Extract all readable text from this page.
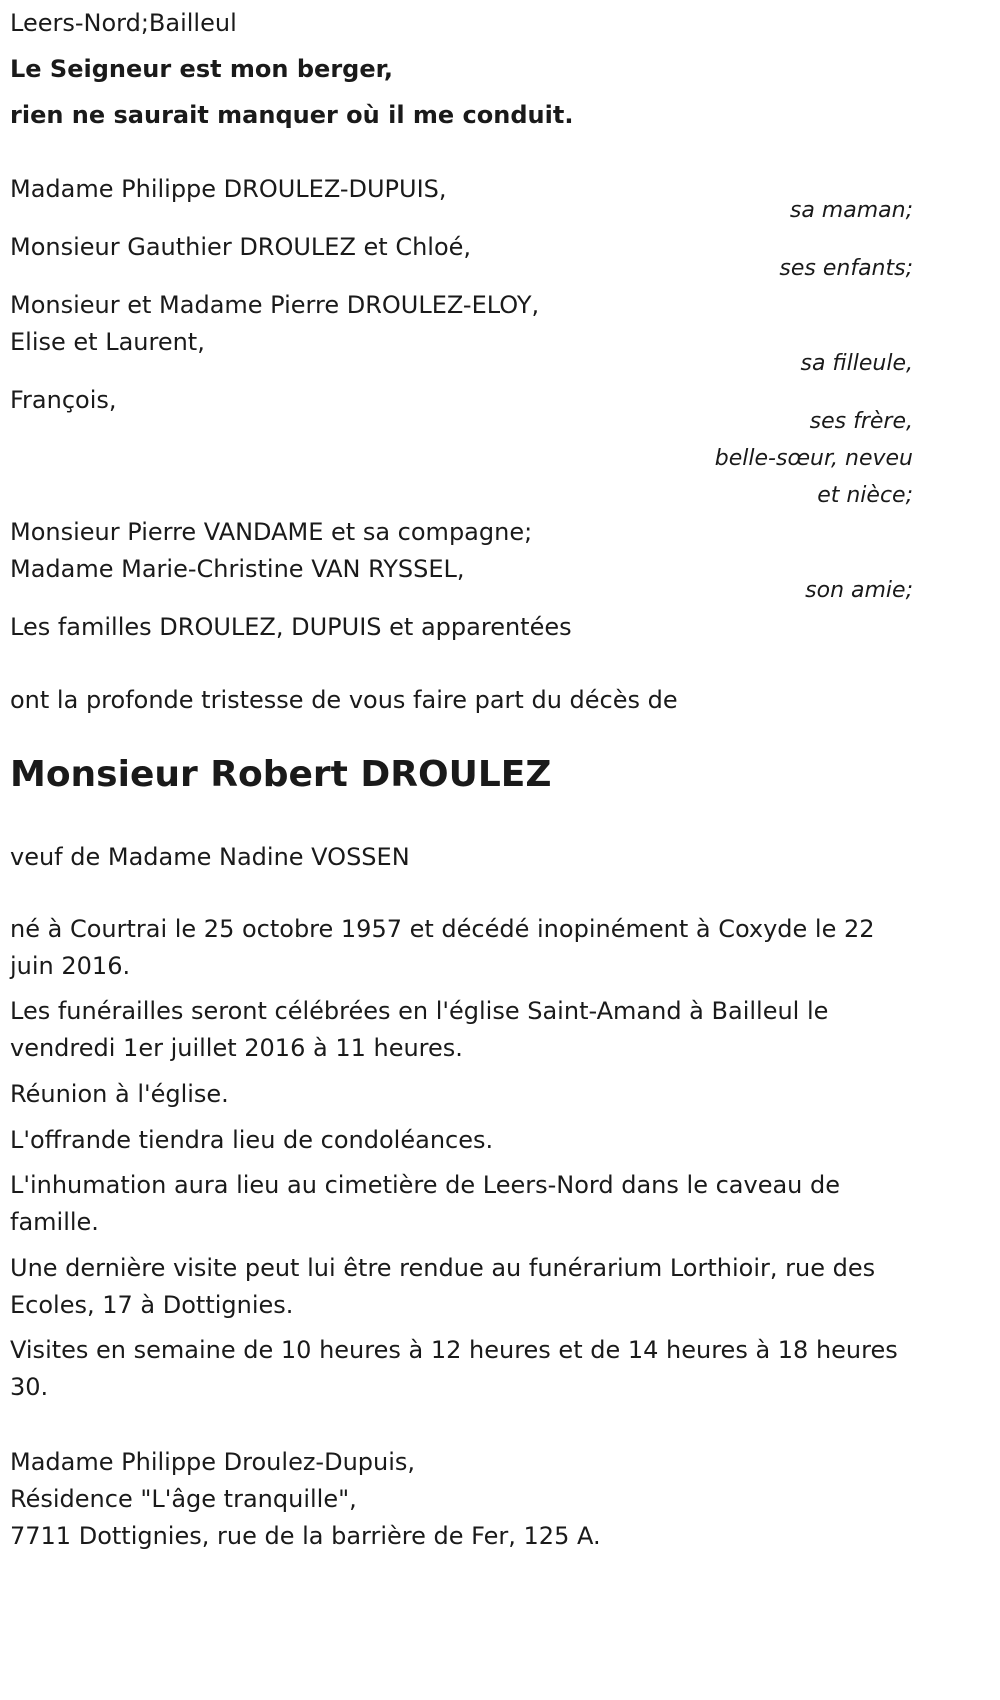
Leers-Nord;Bailleul

Le Seigneur est mon berger,

rien ne saurait manquer où il me conduit.

Madame Philippe DROULEZ-DUPUIS,

sa maman;

Monsieur Gauthier DROULEZ et Chloé,

ses enfants;

Monsieur et Madame Pierre DROULEZ-ELOY,

Elise et Laurent,

sa filleule,

François,

ses frère,

belle-sœur, neveu

et nièce;

Monsieur Pierre VANDAME et sa compagne;

Madame Marie-Christine VAN RYSSEL,

son amie;

Les familles DROULEZ, DUPUIS et apparentées

ont la profonde tristesse de vous faire part du décès de

Monsieur Robert DROULEZ

veuf de Madame Nadine VOSSEN

né à Courtrai le 25 octobre 1957 et décédé inopinément à Coxyde le 22 juin 2016.

Les funérailles seront célébrées en l'église Saint-Amand à Bailleul le vendredi 1er juillet 2016 à 11 heures.

Réunion à l'église.

L'offrande tiendra lieu de condoléances.

L'inhumation aura lieu au cimetière de Leers-Nord dans le caveau de famille.

Une dernière visite peut lui être rendue au funérarium Lorthioir, rue des Ecoles, 17 à Dottignies.

Visites en semaine de 10 heures à 12 heures et de 14 heures à 18 heures 30.

Madame Philippe Droulez-Dupuis,

Résidence "L'âge tranquille",

7711 Dottignies, rue de la barrière de Fer, 125 A.
